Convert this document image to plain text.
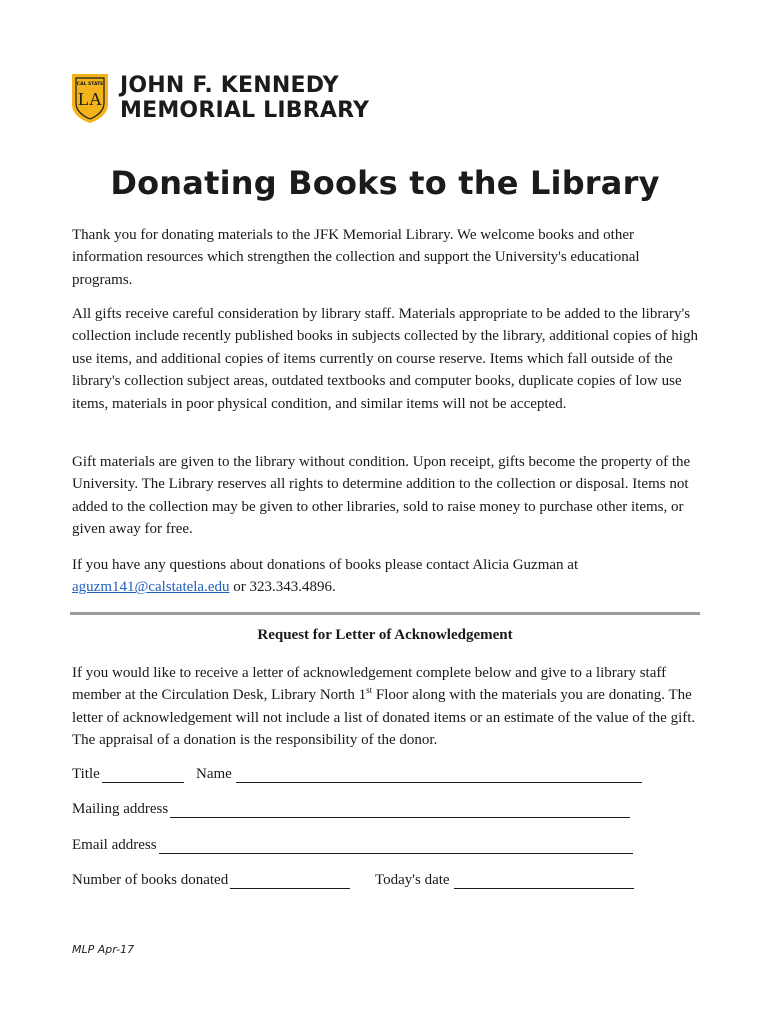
CAL STATE
LA
JOHN F. KENNEDY
MEMORIAL LIBRARY
Donating Books to the Library

Thank you for donating materials to the JFK Memorial Library. We welcome books and other information resources which strengthen the collection and support the University's educational programs.

All gifts receive careful consideration by library staff. Materials appropriate to be added to the library's collection include recently published books in subjects collected by the library, additional copies of high use items, and additional copies of items currently on course reserve. Items which fall outside of the library's collection subject areas, outdated textbooks and computer books, duplicate copies of low use items, materials in poor physical condition, and similar items will not be accepted.

Gift materials are given to the library without condition. Upon receipt, gifts become the property of the University. The Library reserves all rights to determine addition to the collection or disposal. Items not added to the collection may be given to other libraries, sold to raise money to purchase other items, or given away for free.

If you have any questions about donations of books please contact Alicia Guzman at
aguzm141@calstatela.edu or 323.343.4896.

Request for Letter of Acknowledgement

If you would like to receive a letter of acknowledgement complete below and give to a library staff member at the Circulation Desk, Library North 1st Floor along with the materials you are donating. The letter of acknowledgement will not include a list of donated items or an estimate of the value of the gift. The appraisal of a donation is the responsibility of the donor.

Title	Name
Mailing address
Email address
Number of books donated	Today's date
MLP Apr-17
